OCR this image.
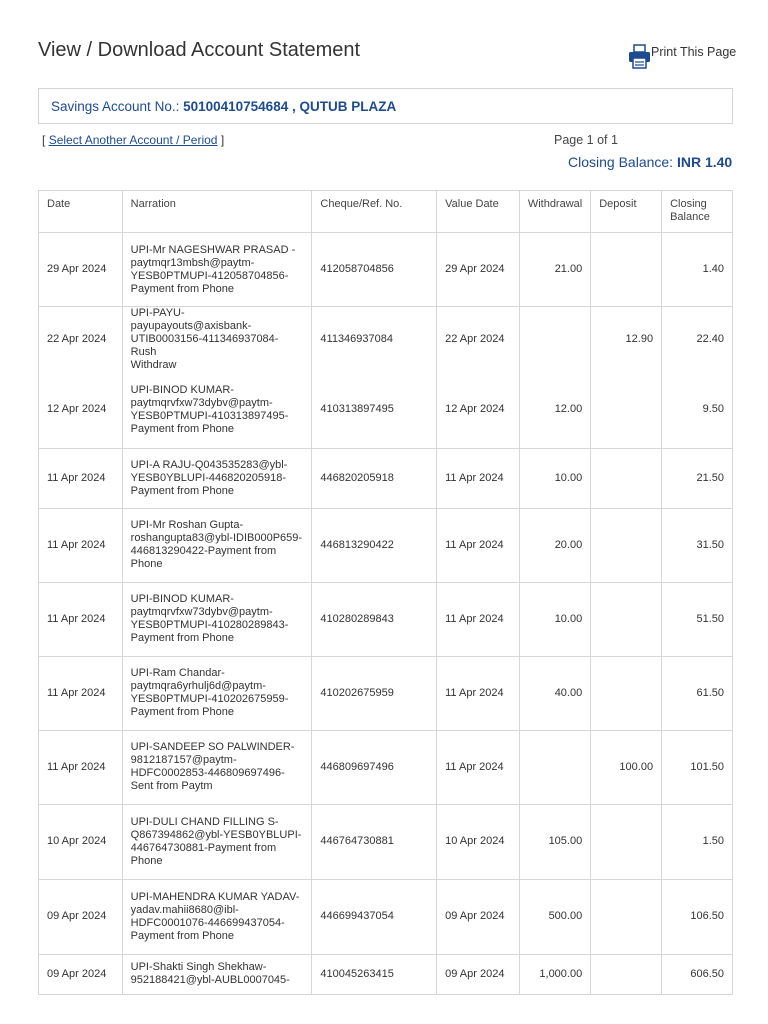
View / Download Account Statement	Print This Page
Savings Account No.: 50100410754684 , QUTUB PLAZA
[ Select Another Account / Period ]	Page 1 of 1
Closing Balance: INR 1.40
Date	Narration	Cheque/Ref. No.	Value Date	Withdrawal	Deposit	Closing Balance
29 Apr 2024	UPI-Mr NAGESHWAR PRASAD -
paytmqr13mbsh@paytm-
YESB0PTMUPI-412058704856-
Payment from Phone	412058704856	29 Apr 2024	21.00		1.40
22 Apr 2024	UPI-PAYU-payupayouts@axisbank-
UTIB0003156-411346937084-Rush
Withdraw	411346937084	22 Apr 2024		12.90	22.40
12 Apr 2024	UPI-BINOD KUMAR-
paytmqrvfxw73dybv@paytm-
YESB0PTMUPI-410313897495-
Payment from Phone	410313897495	12 Apr 2024	12.00		9.50
11 Apr 2024	UPI-A RAJU-Q043535283@ybl-
YESB0YBLUPI-446820205918-
Payment from Phone	446820205918	11 Apr 2024	10.00		21.50
11 Apr 2024	UPI-Mr Roshan Gupta-
roshangupta83@ybl-IDIB000P659-
446813290422-Payment from
Phone	446813290422	11 Apr 2024	20.00		31.50
11 Apr 2024	UPI-BINOD KUMAR-
paytmqrvfxw73dybv@paytm-
YESB0PTMUPI-410280289843-
Payment from Phone	410280289843	11 Apr 2024	10.00		51.50
11 Apr 2024	UPI-Ram Chandar-
paytmqra6yrhulj6d@paytm-
YESB0PTMUPI-410202675959-
Payment from Phone	410202675959	11 Apr 2024	40.00		61.50
11 Apr 2024	UPI-SANDEEP SO PALWINDER-
9812187157@paytm-
HDFC0002853-446809697496-
Sent from Paytm	446809697496	11 Apr 2024		100.00	101.50
10 Apr 2024	UPI-DULI CHAND FILLING S-
Q867394862@ybl-YESB0YBLUPI-
446764730881-Payment from
Phone	446764730881	10 Apr 2024	105.00		1.50
09 Apr 2024	UPI-MAHENDRA KUMAR YADAV-
yadav.mahii8680@ibl-
HDFC0001076-446699437054-
Payment from Phone	446699437054	09 Apr 2024	500.00		106.50
09 Apr 2024	UPI-Shakti Singh Shekhaw-
952188421@ybl-AUBL0007045-	410045263415	09 Apr 2024	1,000.00		606.50
